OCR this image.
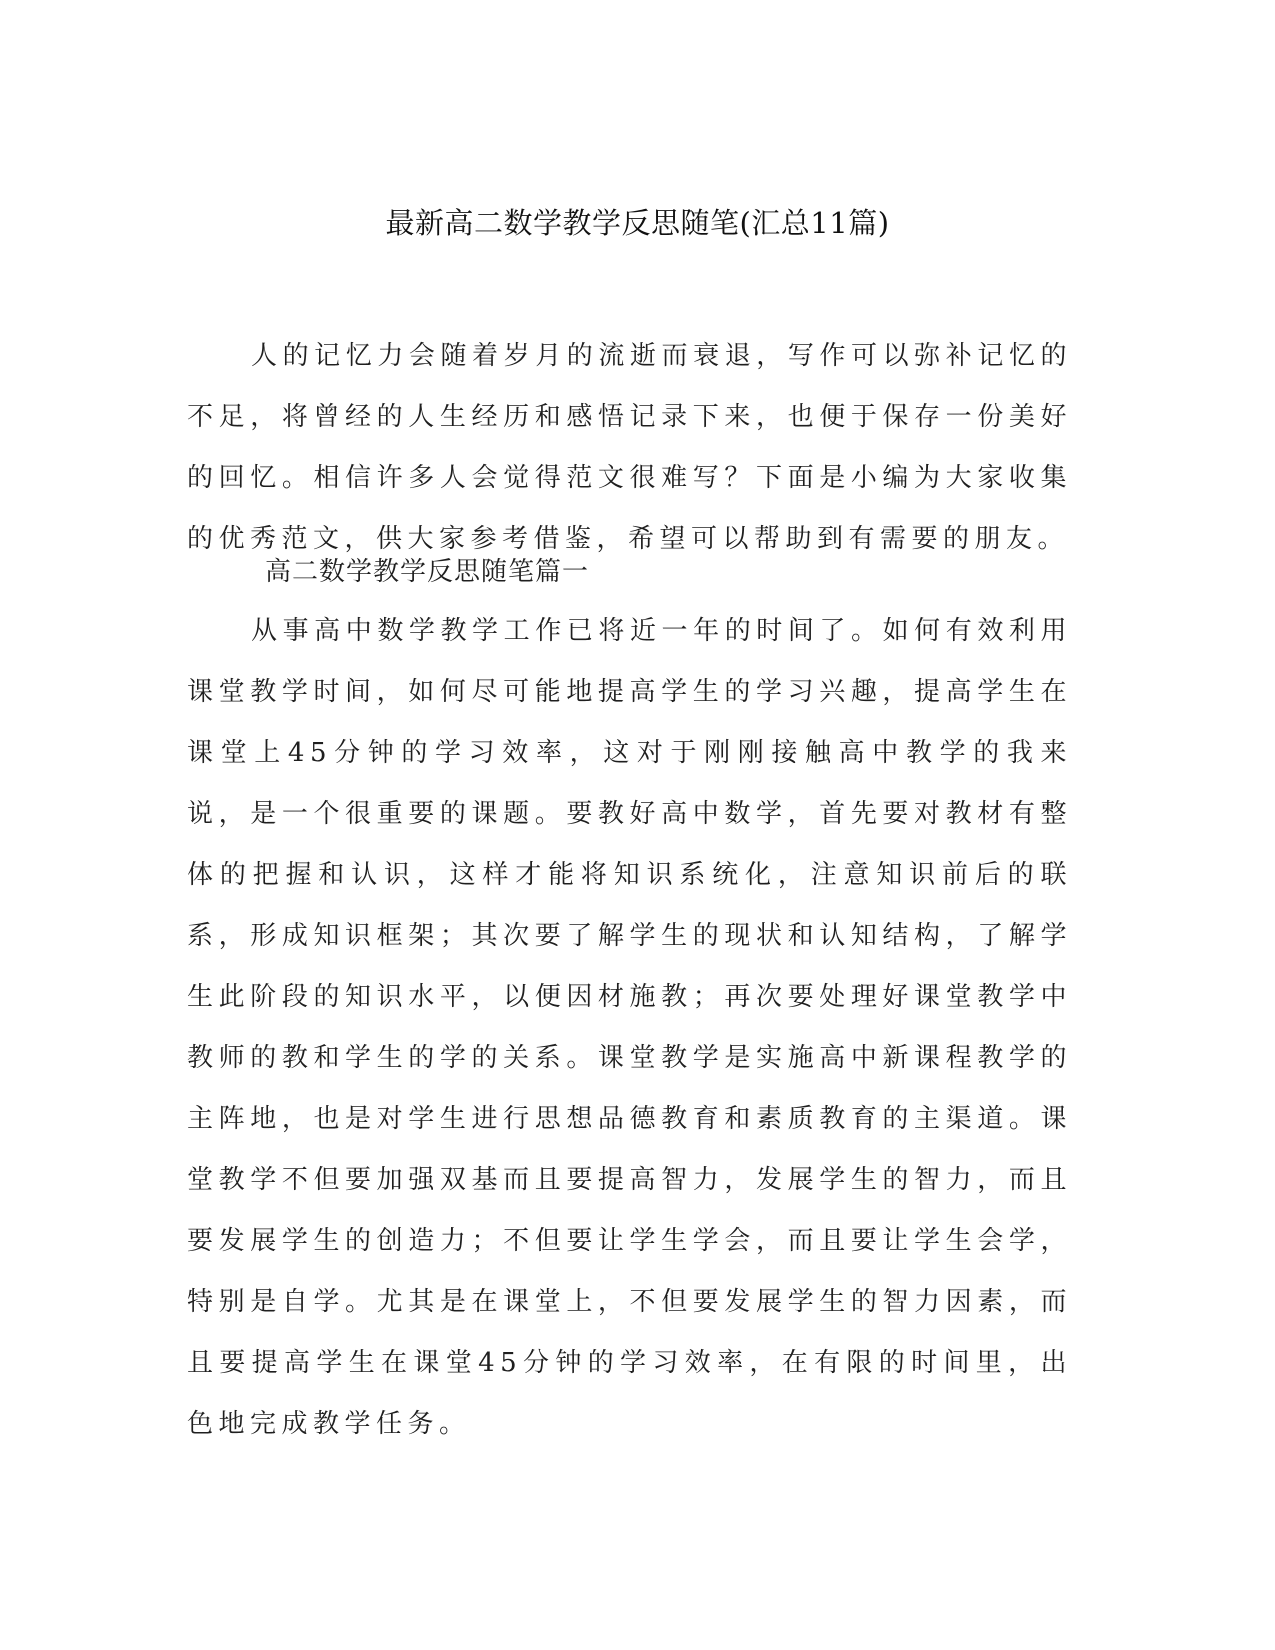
最新高二数学教学反思随笔(汇总11篇)

人的记忆力会随着岁月的流逝而衰退，写作可以弥补记忆的不足，将曾经的人生经历和感悟记录下来，也便于保存一份美好的回忆。相信许多人会觉得范文很难写？下面是小编为大家收集的优秀范文，供大家参考借鉴，希望可以帮助到有需要的朋友。

高二数学教学反思随笔篇一

从事高中数学教学工作已将近一年的时间了。如何有效利用课堂教学时间，如何尽可能地提高学生的学习兴趣，提高学生在课堂上45分钟的学习效率，这对于刚刚接触高中教学的我来说，是一个很重要的课题。要教好高中数学，首先要对教材有整体的把握和认识，这样才能将知识系统化，注意知识前后的联系，形成知识框架；其次要了解学生的现状和认知结构，了解学生此阶段的知识水平，以便因材施教；再次要处理好课堂教学中教师的教和学生的学的关系。课堂教学是实施高中新课程教学的主阵地，也是对学生进行思想品德教育和素质教育的主渠道。课堂教学不但要加强双基而且要提高智力，发展学生的智力，而且要发展学生的创造力；不但要让学生学会，而且要让学生会学，特别是自学。尤其是在课堂上，不但要发展学生的智力因素，而且要提高学生在课堂45分钟的学习效率，在有限的时间里，出色地完成教学任务。
